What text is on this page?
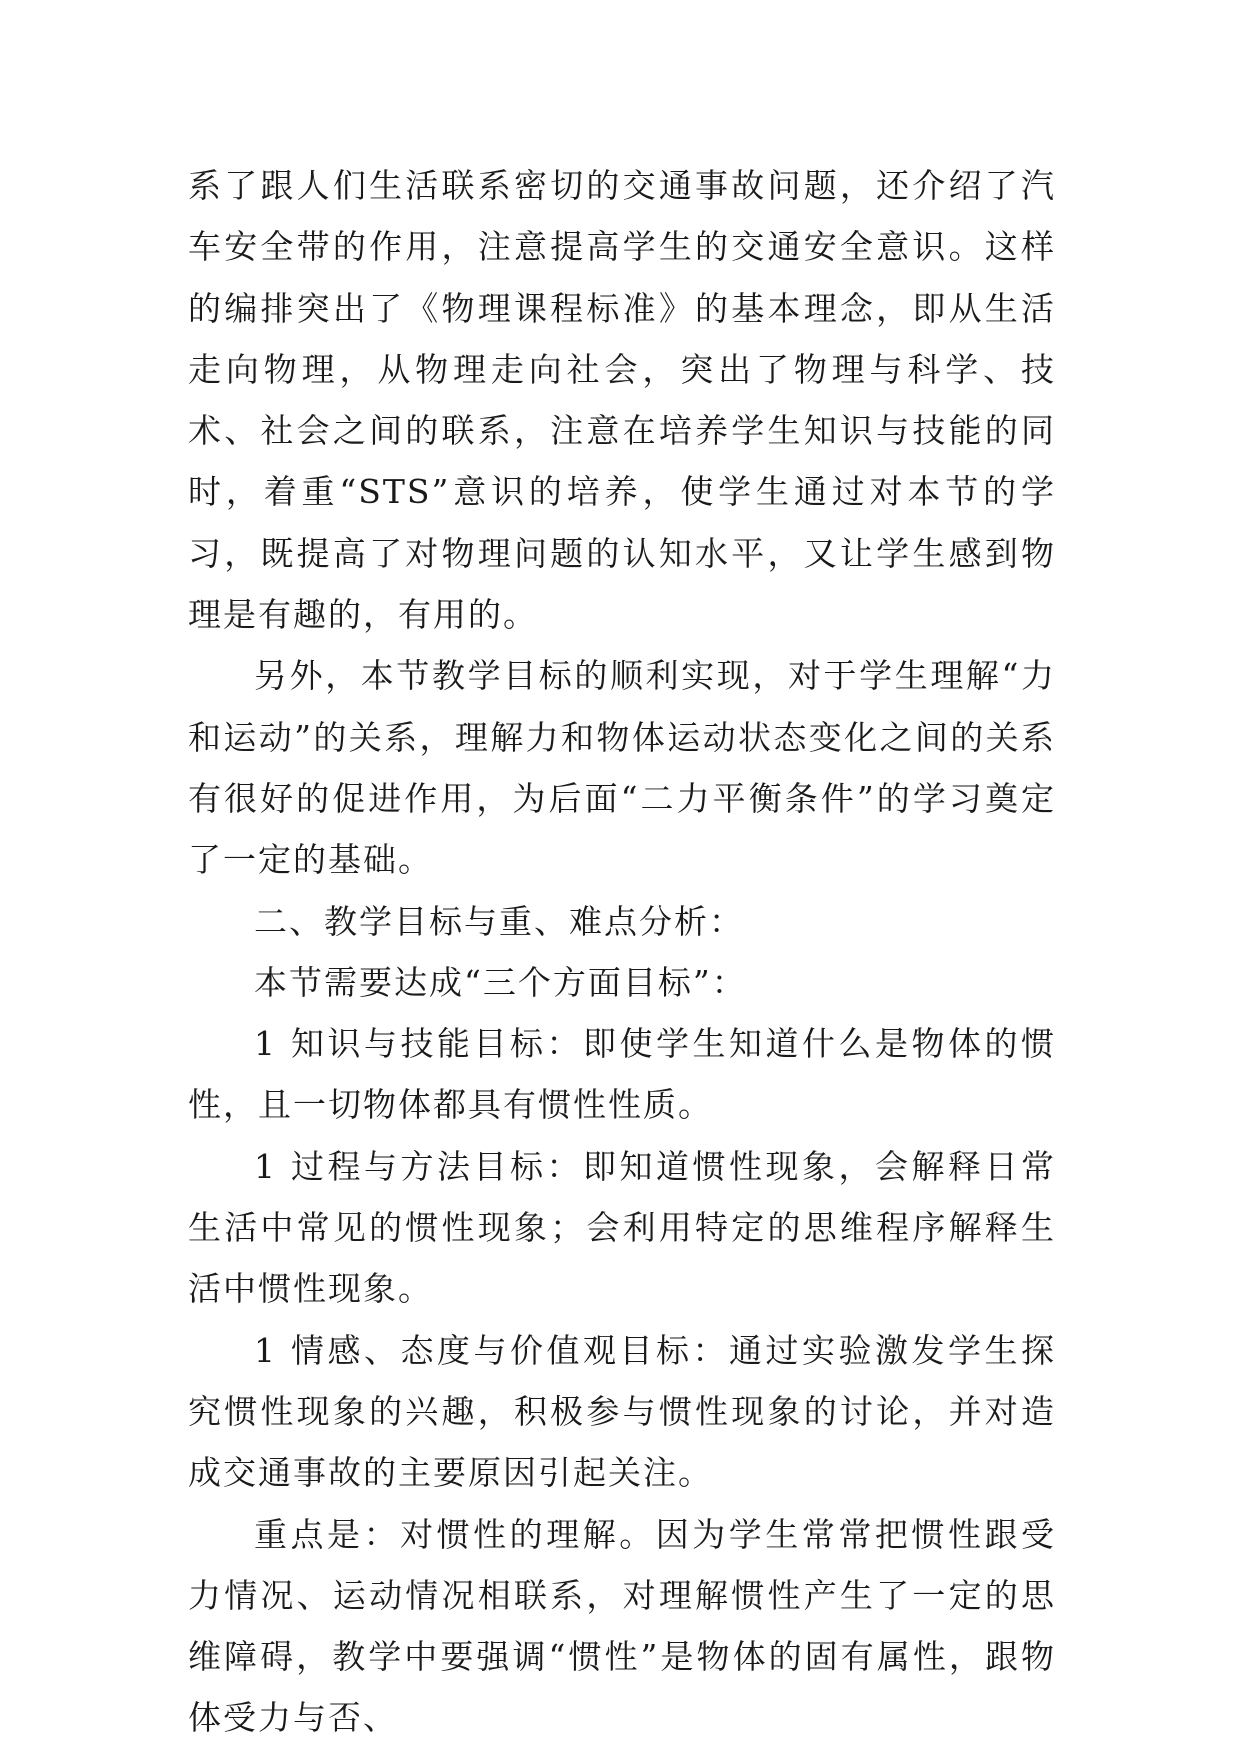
系了跟人们生活联系密切的交通事故问题，还介绍了汽车安全带的作用，注意提高学生的交通安全意识。这样的编排突出了《物理课程标准》的基本理念，即从生活走向物理，从物理走向社会，突出了物理与科学、技术、社会之间的联系，注意在培养学生知识与技能的同时，着重“STS”意识的培养，使学生通过对本节的学习，既提高了对物理问题的认知水平，又让学生感到物理是有趣的，有用的。

另外，本节教学目标的顺利实现，对于学生理解“力和运动”的关系，理解力和物体运动状态变化之间的关系有很好的促进作用，为后面“二力平衡条件”的学习奠定了一定的基础。

二、教学目标与重、难点分析：

本节需要达成“三个方面目标”：

1 知识与技能目标：即使学生知道什么是物体的惯性，且一切物体都具有惯性性质。

1 过程与方法目标：即知道惯性现象，会解释日常生活中常见的惯性现象；会利用特定的思维程序解释生活中惯性现象。

1 情感、态度与价值观目标：通过实验激发学生探究惯性现象的兴趣，积极参与惯性现象的讨论，并对造成交通事故的主要原因引起关注。

重点是：对惯性的理解。因为学生常常把惯性跟受力情况、运动情况相联系，对理解惯性产生了一定的思维障碍，教学中要强调“惯性”是物体的固有属性，跟物体受力与否、
